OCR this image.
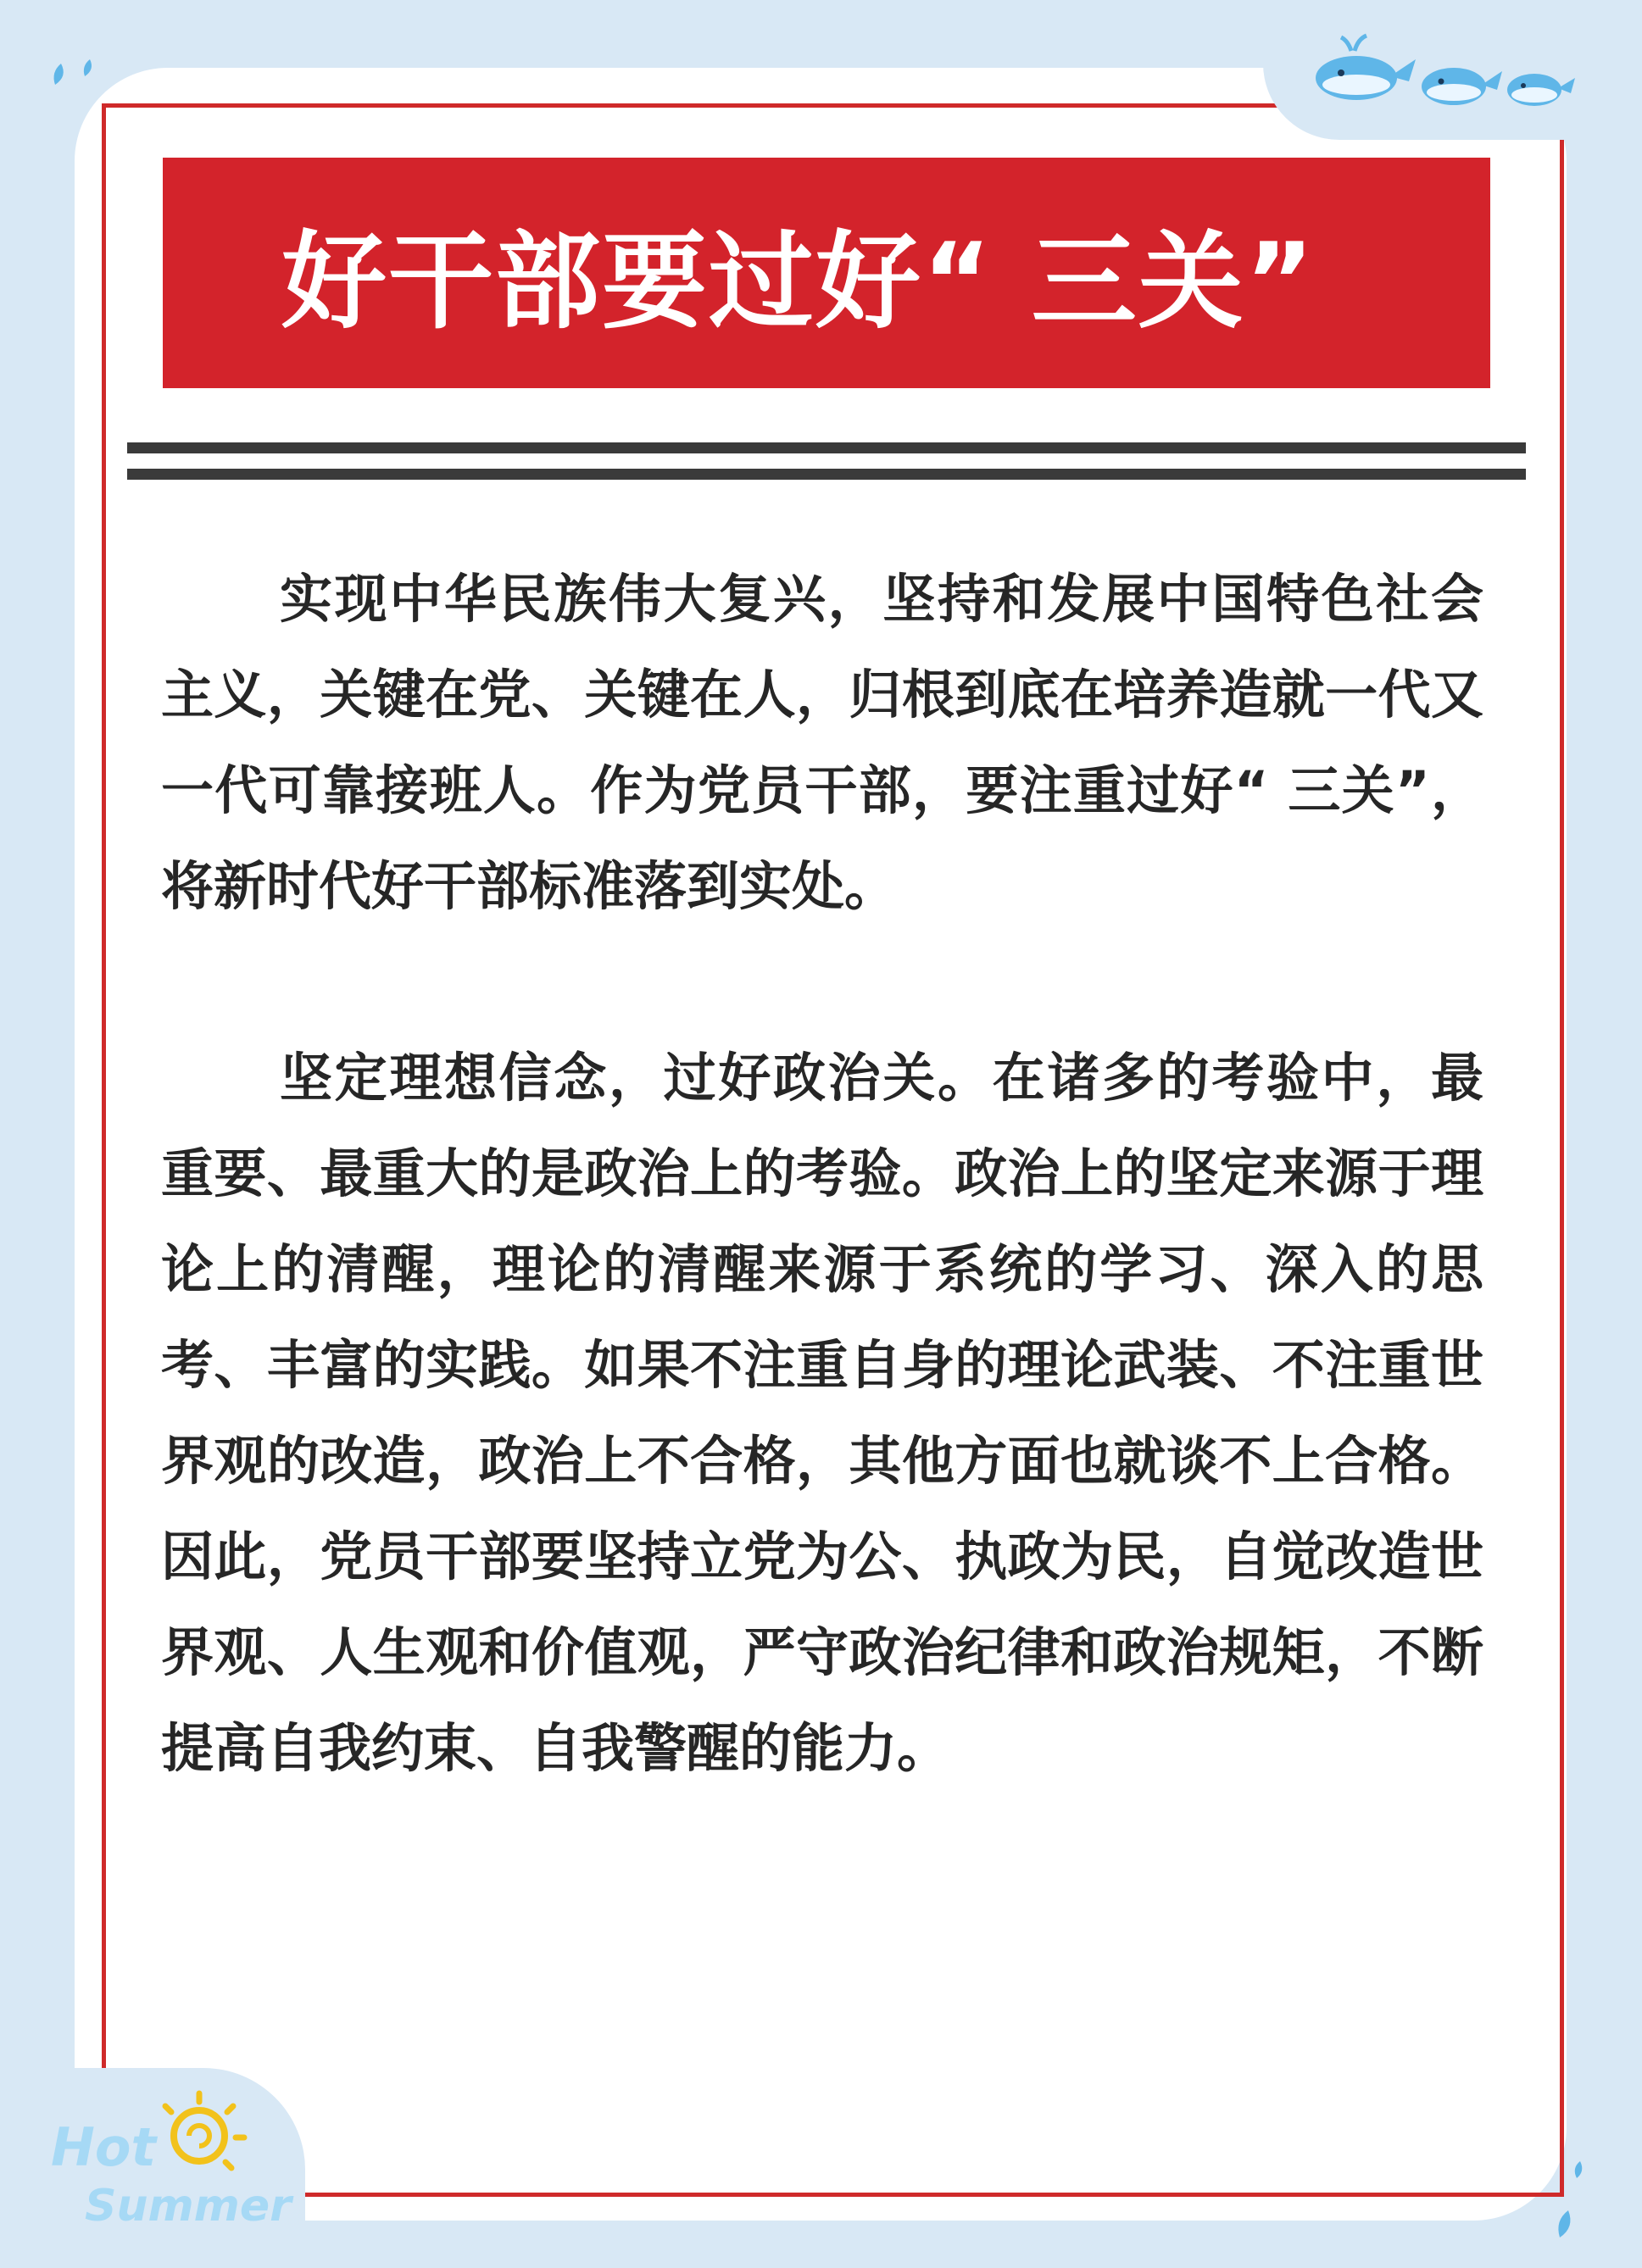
好干部要过好“ 三关”

实现中华民族伟大复兴，坚持和发展中国特色社会主义，关键在党、关键在人，归根到底在培养造就一代又一代可靠接班人。作为党员干部，要注重过好“ 三关”，将新时代好干部标准落到实处。

坚定理想信念，过好政治关。在诸多的考验中，最重要、最重大的是政治上的考验。政治上的坚定来源于理论上的清醒，理论的清醒来源于系统的学习、深入的思考、丰富的实践。如果不注重自身的理论武装、不注重世界观的改造，政治上不合格，其他方面也就谈不上合格。因此，党员干部要坚持立党为公、执政为民，自觉改造世界观、人生观和价值观，严守政治纪律和政治规矩，不断提高自我约束、自我警醒的能力。

Hot
Summer
